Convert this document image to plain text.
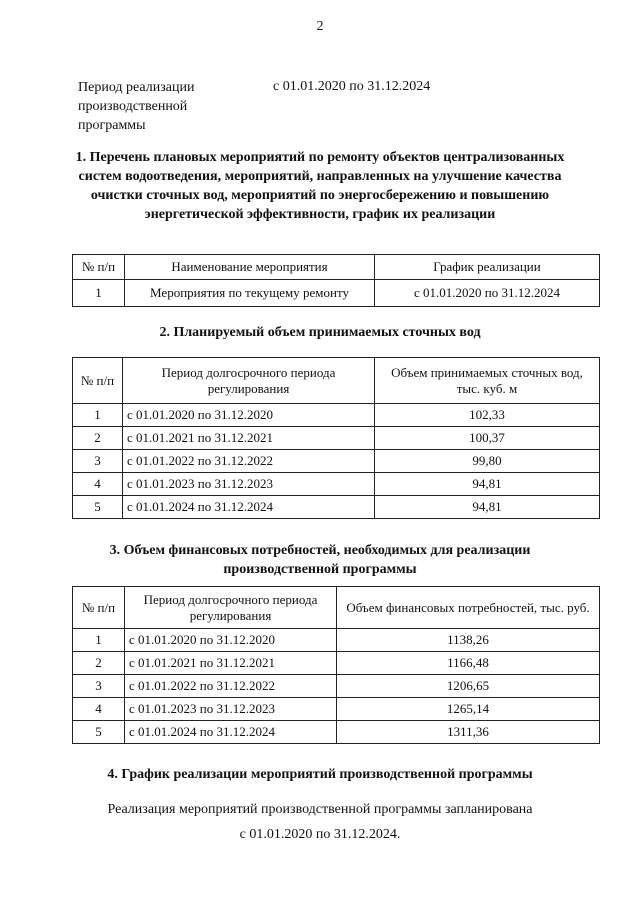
2
Период реализации производственной программы
с 01.01.2020 по 31.12.2024
1. Перечень плановых мероприятий по ремонту объектов централизованных систем водоотведения, мероприятий, направленных на улучшение качества очистки сточных вод, мероприятий по энергосбережению и повышению энергетической эффективности, график их реализации
№ п/п	Наименование мероприятия	График реализации
1	Мероприятия по текущему ремонту	с 01.01.2020 по 31.12.2024
2. Планируемый объем принимаемых сточных вод
№ п/п	Период долгосрочного периода регулирования	Объем принимаемых сточных вод, тыс. куб. м
1	с 01.01.2020 по 31.12.2020	102,33
2	с 01.01.2021 по 31.12.2021	100,37
3	с 01.01.2022 по 31.12.2022	99,80
4	с 01.01.2023 по 31.12.2023	94,81
5	с 01.01.2024 по 31.12.2024	94,81
3. Объем финансовых потребностей, необходимых для реализации производственной программы
№ п/п	Период долгосрочного периода регулирования	Объем финансовых потребностей, тыс. руб.
1	с 01.01.2020 по 31.12.2020	1138,26
2	с 01.01.2021 по 31.12.2021	1166,48
3	с 01.01.2022 по 31.12.2022	1206,65
4	с 01.01.2023 по 31.12.2023	1265,14
5	с 01.01.2024 по 31.12.2024	1311,36
4. График реализации мероприятий производственной программы
Реализация мероприятий производственной программы запланирована
с 01.01.2020 по 31.12.2024.
